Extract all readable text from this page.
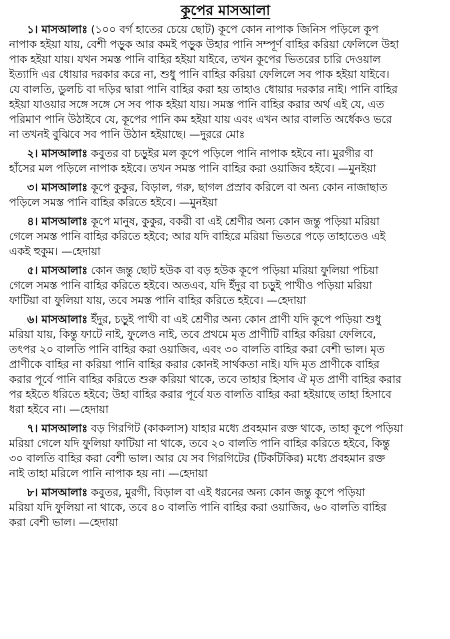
কূপের মাসআলা
১। মাসআলাঃ (১০০ বর্গ হাতের চেয়ে ছোট) কূপে কোন নাপাক জিনিস পড়িলে কূপ
নাপাক হইয়া যায়, বেশী পড়ুক আর কমই পড়ুক উহার পানি সম্পূর্ণ বাহির করিয়া ফেলিলে উহা
পাক হইয়া যায়। যখন সমস্ত পানি বাহির হইয়া যাইবে, তখন কূপের ভিতরের চারি দেওয়াল
ইত্যাদি এর ধোয়ার দরকার করে না, শুধু পানি বাহির করিয়া ফেলিলে সব পাক হইয়া যাইবে।
যে বালতি, ডুলচি বা দড়ির দ্বারা পানি বাহির করা হয় তাহাও ধোয়ার দরকার নাই। পানি বাহির
হইয়া যাওয়ার সঙ্গে সঙ্গে সে সব পাক হইয়া যায়। সমস্ত পানি বাহির করার অর্থ এই যে, এত
পরিমাণ পানি উঠাইবে যে, কূপের পানি কম হইয়া যায় এবং এখন আর বালতি অর্ধেকও ভরে
না তখনই বুঝিবে সব পানি উঠান হইয়াছে। —দুররে মোঃ
২। মাসআলাঃ কবুতর বা চড়ুইর মল কূপে পড়িলে পানি নাপাক হইবে না। মুরগীর বা
হাঁসের মল পড়িলে নাপাক হইবে। তখন সমস্ত পানি বাহির করা ওয়াজিব হইবে। —মুনইয়া
৩। মাসআলাঃ কূপে কুকুর, বিড়াল, গরু, ছাগল প্রস্রাব করিলে বা অন্য কোন নাজাছাত
পড়িলে সমস্ত পানি বাহির করিতে হইবে। —মুনইয়া
৪। মাসআলাঃ কূপে মানুষ, কুকুর, বকরী বা এই শ্রেণীর অন্য কোন জন্তু পড়িয়া মরিয়া
গেলে সমস্ত পানি বাহির করিতে হইবে; আর যদি বাহিরে মরিয়া ভিতরে পড়ে তাহাতেও এই
একই হুকুম। —হেদায়া
৫। মাসআলাঃ কোন জন্তু ছোট হউক বা বড় হউক কূপে পড়িয়া মরিয়া ফুলিয়া পচিয়া
গেলে সমস্ত পানি বাহির করিতে হইবে। অতএব, যদি ইঁদুর বা চড়ুই পাখীও পড়িয়া মরিয়া
ফাটিয়া বা ফুলিয়া যায়, তবে সমস্ত পানি বাহির করিতে হইবে। —হেদায়া
৬। মাসআলাঃ ইঁদুর, চড়ুই পাখী বা এই শ্রেণীর অন্য কোন প্রাণী যদি কূপে পড়িয়া শুধু
মরিয়া যায়, কিন্তু ফাটে নাই, ফুলেও নাই, তবে প্রথমে মৃত প্রাণীটি বাহির করিয়া ফেলিবে,
তৎপর ২০ বালতি পানি বাহির করা ওয়াজিব, এবং ৩০ বালতি বাহির করা বেশী ভাল। মৃত
প্রাণীকে বাহির না করিয়া পানি বাহির করার কোনই সার্থকতা নাই। যদি মৃত প্রাণীকে বাহির
করার পূর্বে পানি বাহির করিতে শুরু করিয়া থাকে, তবে তাহার হিসাব ঐ মৃত প্রাণী বাহির করার
পর হইতে ধরিতে হইবে; উহা বাহির করার পূর্বে যত বালতি বাহির করা হইয়াছে তাহা হিসাবে
ধরা হইবে না। —হেদায়া
৭। মাসআলাঃ বড় গিরগিট (কাকলাস) যাহার মধ্যে প্রবহমান রক্ত থাকে, তাহা কূপে পড়িয়া
মরিয়া গেলে যদি ফুলিয়া ফাটিয়া না থাকে, তবে ২০ বালতি পানি বাহির করিতে হইবে, কিন্তু
৩০ বালতি বাহির করা বেশী ভাল। আর যে সব গিরগিটের (টিকটিকির) মধ্যে প্রবহমান রক্ত
নাই তাহা মরিলে পানি নাপাক হয় না। —হেদায়া
৮। মাসআলাঃ কবুতর, মুরগী, বিড়াল বা এই ধরনের অন্য কোন জন্তু কূপে পড়িয়া
মরিয়া যদি ফুলিয়া না থাকে, তবে ৪০ বালতি পানি বাহির করা ওয়াজিব, ৬০ বালতি বাহির
করা বেশী ভাল। —হেদায়া
